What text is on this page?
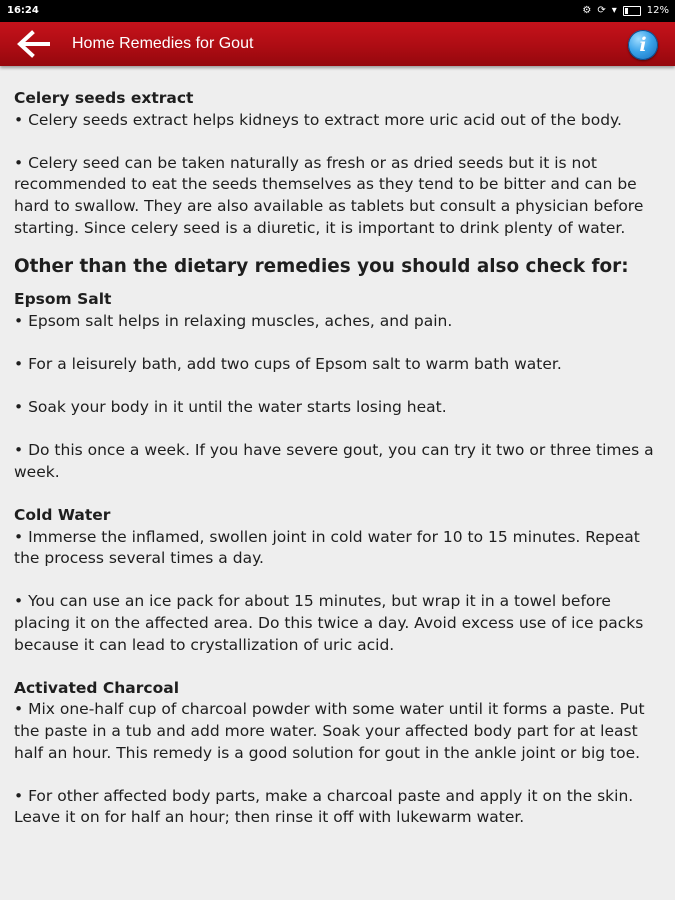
16:24	⚙ ⟳ ▾	12%
Home Remedies for Gout	i

Celery seeds extract

• Celery seeds extract helps kidneys to extract more uric acid out of the body.

• Celery seed can be taken naturally as fresh or as dried seeds but it is not recommended to eat the seeds themselves as they tend to be bitter and can be hard to swallow. They are also available as tablets but consult a physician before starting. Since celery seed is a diuretic, it is important to drink plenty of water.

Other than the dietary remedies you should also check for:

Epsom Salt

• Epsom salt helps in relaxing muscles, aches, and pain.

• For a leisurely bath, add two cups of Epsom salt to warm bath water.

• Soak your body in it until the water starts losing heat.

• Do this once a week. If you have severe gout, you can try it two or three times a week.

Cold Water

• Immerse the inflamed, swollen joint in cold water for 10 to 15 minutes. Repeat the process several times a day.

• You can use an ice pack for about 15 minutes, but wrap it in a towel before placing it on the affected area. Do this twice a day. Avoid excess use of ice packs because it can lead to crystallization of uric acid.

Activated Charcoal

• Mix one-half cup of charcoal powder with some water until it forms a paste. Put the paste in a tub and add more water. Soak your affected body part for at least half an hour. This remedy is a good solution for gout in the ankle joint or big toe.

• For other affected body parts, make a charcoal paste and apply it on the skin. Leave it on for half an hour; then rinse it off with lukewarm water.
